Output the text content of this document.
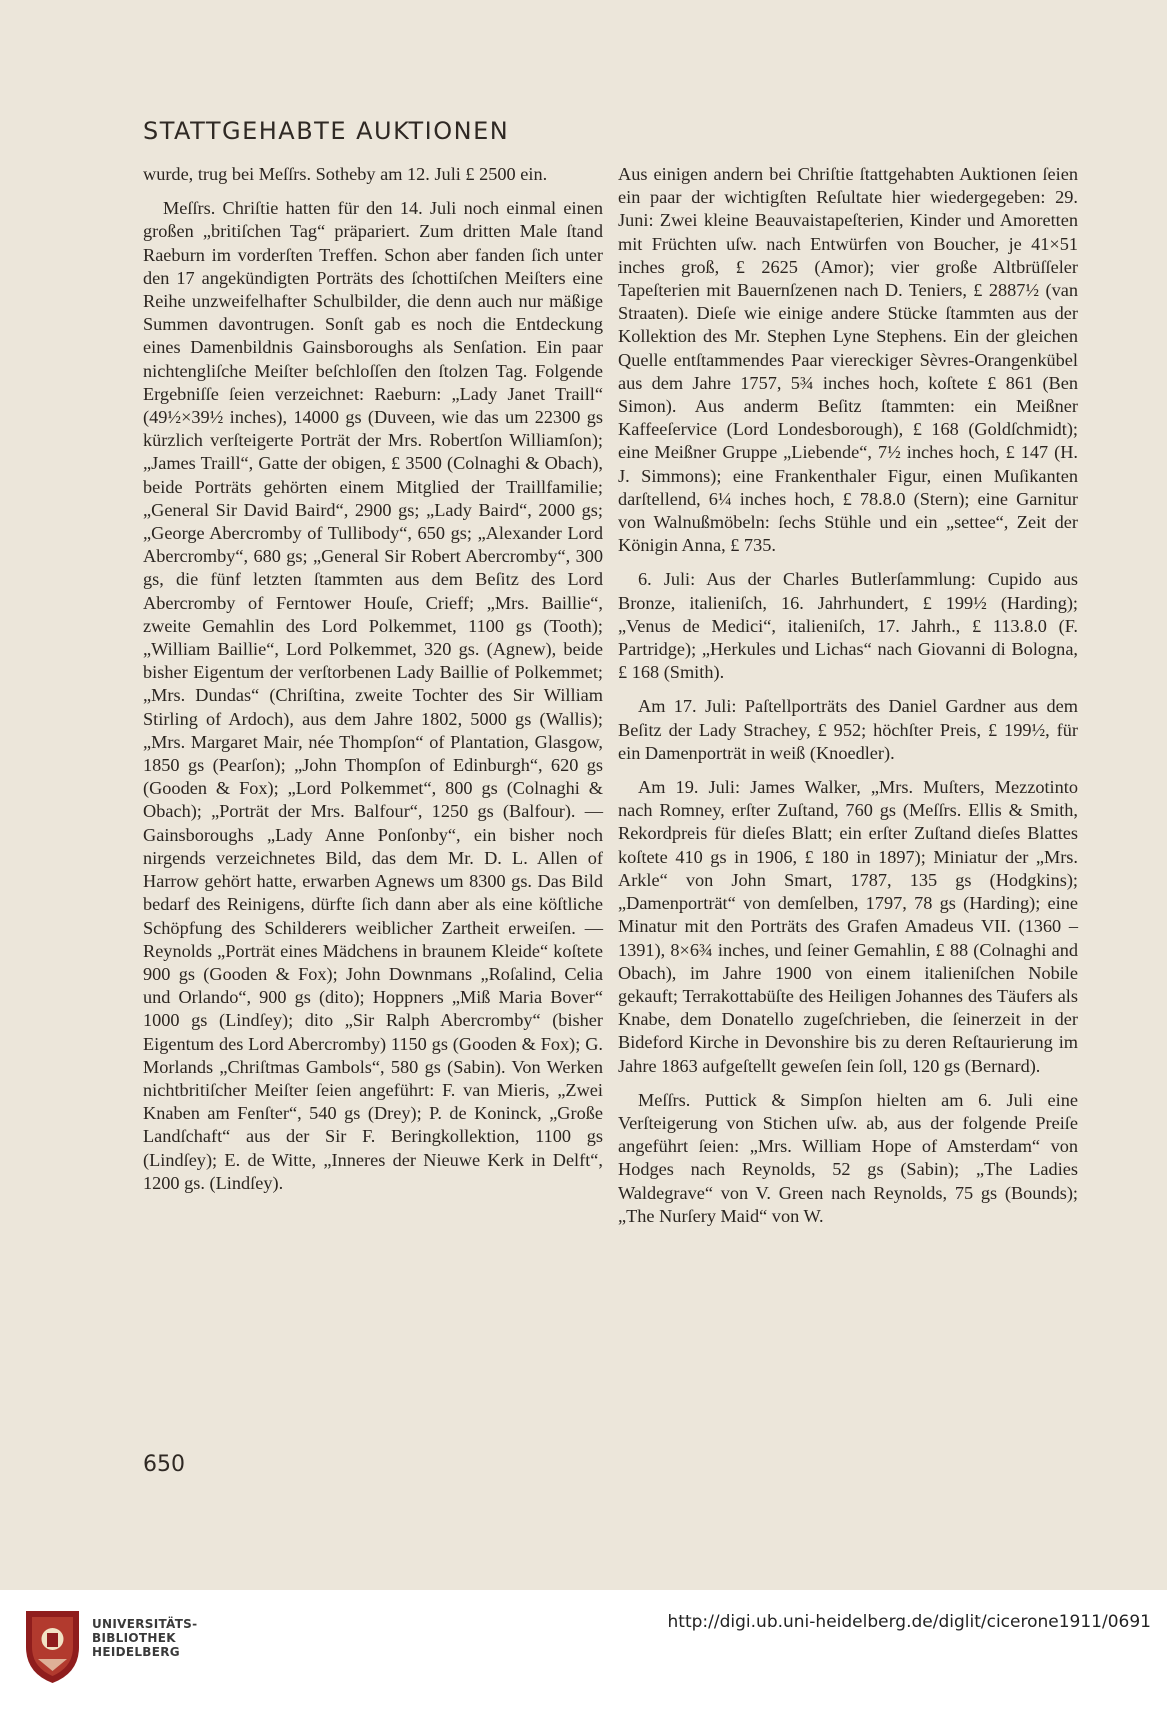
STATTGEHABTE AUKTIONEN

wurde, trug bei Meſſrs. Sotheby am 12. Juli £ 2500 ein.

Meſſrs. Chriſtie hatten für den 14. Juli noch einmal einen großen „britiſchen Tag“ präpariert. Zum dritten Male ſtand Raeburn im vorderſten Treffen. Schon aber fanden ſich unter den 17 angekündigten Porträts des ſchottiſchen Meiſters eine Reihe unzweifelhafter Schulbilder, die denn auch nur mäßige Summen davontrugen. Sonſt gab es noch die Entdeckung eines Damenbildnis Gainsboroughs als Senſation. Ein paar nichtengliſche Meiſter beſchloſſen den ſtolzen Tag. Folgende Ergebniſſe ſeien verzeichnet: Raeburn: „Lady Janet Traill“ (49½×39½ inches), 14000 gs (Duveen, wie das um 22300 gs kürzlich verſteigerte Porträt der Mrs. Robertſon Williamſon); „James Traill“, Gatte der obigen, £ 3500 (Colnaghi & Obach), beide Porträts gehörten einem Mitglied der Traillfamilie; „General Sir David Baird“, 2900 gs; „Lady Baird“, 2000 gs; „George Abercromby of Tullibody“, 650 gs; „Alexander Lord Abercromby“, 680 gs; „General Sir Robert Abercromby“, 300 gs, die fünf letzten ſtammten aus dem Beſitz des Lord Abercromby of Ferntower Houſe, Crieff; „Mrs. Baillie“, zweite Gemahlin des Lord Polkemmet, 1100 gs (Tooth); „William Baillie“, Lord Polkemmet, 320 gs. (Agnew), beide bisher Eigentum der verſtorbenen Lady Baillie of Polkemmet; „Mrs. Dundas“ (Chriſtina, zweite Tochter des Sir William Stirling of Ardoch), aus dem Jahre 1802, 5000 gs (Wallis); „Mrs. Margaret Mair, née Thompſon“ of Plantation, Glasgow, 1850 gs (Pearſon); „John Thompſon of Edinburgh“, 620 gs (Gooden & Fox); „Lord Polkemmet“, 800 gs (Colnaghi & Obach); „Porträt der Mrs. Balfour“, 1250 gs (Balfour). — Gainsboroughs „Lady Anne Ponſonby“, ein bisher noch nirgends verzeichnetes Bild, das dem Mr. D. L. Allen of Harrow gehört hatte, erwarben Agnews um 8300 gs. Das Bild bedarf des Reinigens, dürfte ſich dann aber als eine köſtliche Schöpfung des Schilderers weiblicher Zartheit erweiſen. — Reynolds „Porträt eines Mädchens in braunem Kleide“ koſtete 900 gs (Gooden & Fox); John Downmans „Roſalind, Celia und Orlando“, 900 gs (dito); Hoppners „Miß Maria Bover“ 1000 gs (Lindſey); dito „Sir Ralph Abercromby“ (bisher Eigentum des Lord Abercromby) 1150 gs (Gooden & Fox); G. Morlands „Chriſtmas Gambols“, 580 gs (Sabin). Von Werken nichtbritiſcher Meiſter ſeien angeführt: F. van Mieris, „Zwei Knaben am Fenſter“, 540 gs (Drey); P. de Koninck, „Große Landſchaft“ aus der Sir F. Beringkollektion, 1100 gs (Lindſey); E. de Witte, „Inneres der Nieuwe Kerk in Delft“, 1200 gs. (Lindſey).

Aus einigen andern bei Chriſtie ſtattgehabten Auktionen ſeien ein paar der wichtigſten Reſultate hier wiedergegeben: 29. Juni: Zwei kleine Beauvaistapeſterien, Kinder und Amoretten mit Früchten uſw. nach Entwürfen von Boucher, je 41×51 inches groß, £ 2625 (Amor); vier große Altbrüſſeler Tapeſterien mit Bauernſzenen nach D. Teniers, £ 2887½ (van Straaten). Dieſe wie einige andere Stücke ſtammten aus der Kollektion des Mr. Stephen Lyne Stephens. Ein der gleichen Quelle entſtammendes Paar viereckiger Sèvres-Orangenkübel aus dem Jahre 1757, 5¾ inches hoch, koſtete £ 861 (Ben Simon). Aus anderm Beſitz ſtammten: ein Meißner Kaffeeſervice (Lord Londesborough), £ 168 (Goldſchmidt); eine Meißner Gruppe „Liebende“, 7½ inches hoch, £ 147 (H. J. Simmons); eine Frankenthaler Figur, einen Muſikanten darſtellend, 6¼ inches hoch, £ 78.8.0 (Stern); eine Garnitur von Walnußmöbeln: ſechs Stühle und ein „settee“, Zeit der Königin Anna, £ 735.

6. Juli: Aus der Charles Butlerſammlung: Cupido aus Bronze, italieniſch, 16. Jahrhundert, £ 199½ (Harding); „Venus de Medici“, italieniſch, 17. Jahrh., £ 113.8.0 (F. Partridge); „Herkules und Lichas“ nach Giovanni di Bologna, £ 168 (Smith).

Am 17. Juli: Paſtellporträts des Daniel Gardner aus dem Beſitz der Lady Strachey, £ 952; höchſter Preis, £ 199½, für ein Damenporträt in weiß (Knoedler).

Am 19. Juli: James Walker, „Mrs. Muſters, Mezzotinto nach Romney, erſter Zuſtand, 760 gs (Meſſrs. Ellis & Smith, Rekordpreis für dieſes Blatt; ein erſter Zuſtand dieſes Blattes koſtete 410 gs in 1906, £ 180 in 1897); Miniatur der „Mrs. Arkle“ von John Smart, 1787, 135 gs (Hodgkins); „Damenporträt“ von demſelben, 1797, 78 gs (Harding); eine Minatur mit den Porträts des Grafen Amadeus VII. (1360 – 1391), 8×6¾ inches, und ſeiner Gemahlin, £ 88 (Colnaghi and Obach), im Jahre 1900 von einem italieniſchen Nobile gekauft; Terrakottabüſte des Heiligen Johannes des Täufers als Knabe, dem Donatello zugeſchrieben, die ſeinerzeit in der Bideford Kirche in Devonshire bis zu deren Reſtaurierung im Jahre 1863 aufgeſtellt geweſen ſein ſoll, 120 gs (Bernard).

Meſſrs. Puttick & Simpſon hielten am 6. Juli eine Verſteigerung von Stichen uſw. ab, aus der folgende Preiſe angeführt ſeien: „Mrs. William Hope of Amsterdam“ von Hodges nach Reynolds, 52 gs (Sabin); „The Ladies Waldegrave“ von V. Green nach Reynolds, 75 gs (Bounds); „The Nurſery Maid“ von W.

650
UNIVERSITÄTS-
BIBLIOTHEK
HEIDELBERG
http://digi.ub.uni-heidelberg.de/diglit/cicerone1911/0691
